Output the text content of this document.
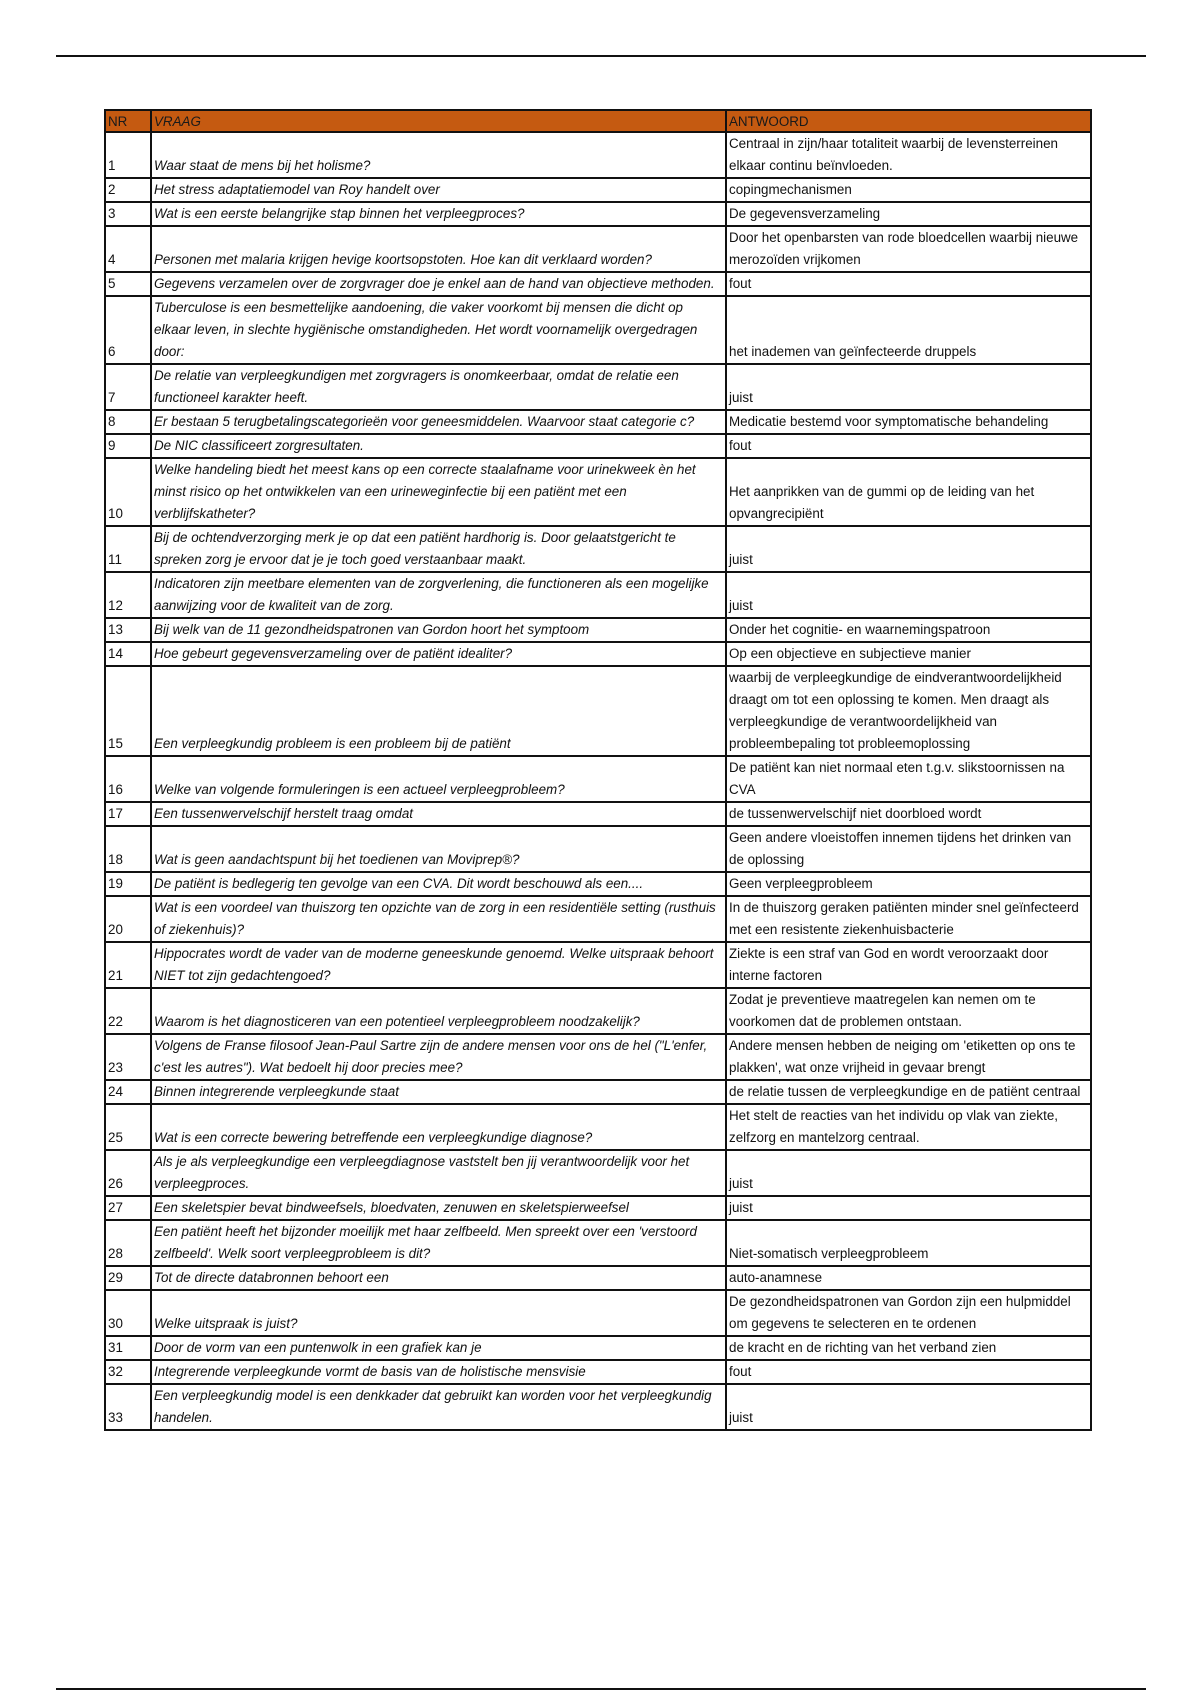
NR	VRAAG	ANTWOORD
1	Waar staat de mens bij het holisme?	Centraal in zijn/haar totaliteit waarbij de levensterreinen elkaar continu beïnvloeden.
2	Het stress adaptatiemodel van Roy handelt over	copingmechanismen
3	Wat is een eerste belangrijke stap binnen het verpleegproces?	De gegevensverzameling
4	Personen met malaria krijgen hevige koortsopstoten. Hoe kan dit verklaard worden?	Door het openbarsten van rode bloedcellen waarbij nieuwe merozoïden vrijkomen
5	Gegevens verzamelen over de zorgvrager doe je enkel aan de hand van objectieve methoden.	fout
6	Tuberculose is een besmettelijke aandoening, die vaker voorkomt bij mensen die dicht op elkaar leven, in slechte hygiënische omstandigheden. Het wordt voornamelijk overgedragen door:	het inademen van geïnfecteerde druppels
7	De relatie van verpleegkundigen met zorgvragers is onomkeerbaar, omdat de relatie een functioneel karakter heeft.	juist
8	Er bestaan 5 terugbetalingscategorieën voor geneesmiddelen. Waarvoor staat categorie c?	Medicatie bestemd voor symptomatische behandeling
9	De NIC classificeert zorgresultaten.	fout
10	Welke handeling biedt het meest kans op een correcte staalafname voor urinekweek èn het minst risico op het ontwikkelen van een urineweginfectie bij een patiënt met een verblijfskatheter?	Het aanprikken van de gummi op de leiding van het opvangrecipiënt
11	Bij de ochtendverzorging merk je op dat een patiënt hardhorig is. Door gelaatstgericht te spreken zorg je ervoor dat je je toch goed verstaanbaar maakt.	juist
12	Indicatoren zijn meetbare elementen van de zorgverlening, die functioneren als een mogelijke aanwijzing voor de kwaliteit van de zorg.	juist
13	Bij welk van de 11 gezondheidspatronen van Gordon hoort het symptoom	Onder het cognitie- en waarnemingspatroon
14	Hoe gebeurt gegevensverzameling over de patiënt idealiter?	Op een objectieve en subjectieve manier
15	Een verpleegkundig probleem is een probleem bij de patiënt	waarbij de verpleegkundige de eindverantwoordelijkheid draagt om tot een oplossing te komen. Men draagt als verpleegkundige de verantwoordelijkheid van probleembepaling tot probleemoplossing
16	Welke van volgende formuleringen is een actueel verpleegprobleem?	De patiënt kan niet normaal eten t.g.v. slikstoornissen na CVA
17	Een tussenwervelschijf herstelt traag omdat	de tussenwervelschijf niet doorbloed wordt
18	Wat is geen aandachtspunt bij het toedienen van Moviprep®?	Geen andere vloeistoffen innemen tijdens het drinken van de oplossing
19	De patiënt is bedlegerig ten gevolge van een CVA. Dit wordt beschouwd als een....	Geen verpleegprobleem
20	Wat is een voordeel van thuiszorg ten opzichte van de zorg in een residentiële setting (rusthuis of ziekenhuis)?	In de thuiszorg geraken patiënten minder snel geïnfecteerd met een resistente ziekenhuisbacterie
21	Hippocrates wordt de vader van de moderne geneeskunde genoemd. Welke uitspraak behoort NIET tot zijn gedachtengoed?	Ziekte is een straf van God en wordt veroorzaakt door interne factoren
22	Waarom is het diagnosticeren van een potentieel verpleegprobleem noodzakelijk?	Zodat je preventieve maatregelen kan nemen om te voorkomen dat de problemen ontstaan.
23	Volgens de Franse filosoof Jean-Paul Sartre zijn de andere mensen voor ons de hel ("L'enfer, c'est les autres"). Wat bedoelt hij door precies mee?	Andere mensen hebben de neiging om 'etiketten op ons te plakken', wat onze vrijheid in gevaar brengt
24	Binnen integrerende verpleegkunde staat	de relatie tussen de verpleegkundige en de patiënt centraal
25	Wat is een correcte bewering betreffende een verpleegkundige diagnose?	Het stelt de reacties van het individu op vlak van ziekte, zelfzorg en mantelzorg centraal.
26	Als je als verpleegkundige een verpleegdiagnose vaststelt ben jij verantwoordelijk voor het verpleegproces.	juist
27	Een skeletspier bevat bindweefsels, bloedvaten, zenuwen en skeletspierweefsel	juist
28	Een patiënt heeft het bijzonder moeilijk met haar zelfbeeld. Men spreekt over een 'verstoord zelfbeeld'. Welk soort verpleegprobleem is dit?	Niet-somatisch verpleegprobleem
29	Tot de directe databronnen behoort een	auto-anamnese
30	Welke uitspraak is juist?	De gezondheidspatronen van Gordon zijn een hulpmiddel om gegevens te selecteren en te ordenen
31	Door de vorm van een puntenwolk in een grafiek kan je	de kracht en de richting van het verband zien
32	Integrerende verpleegkunde vormt de basis van de holistische mensvisie	fout
33	Een verpleegkundig model is een denkkader dat gebruikt kan worden voor het verpleegkundig handelen.	juist
